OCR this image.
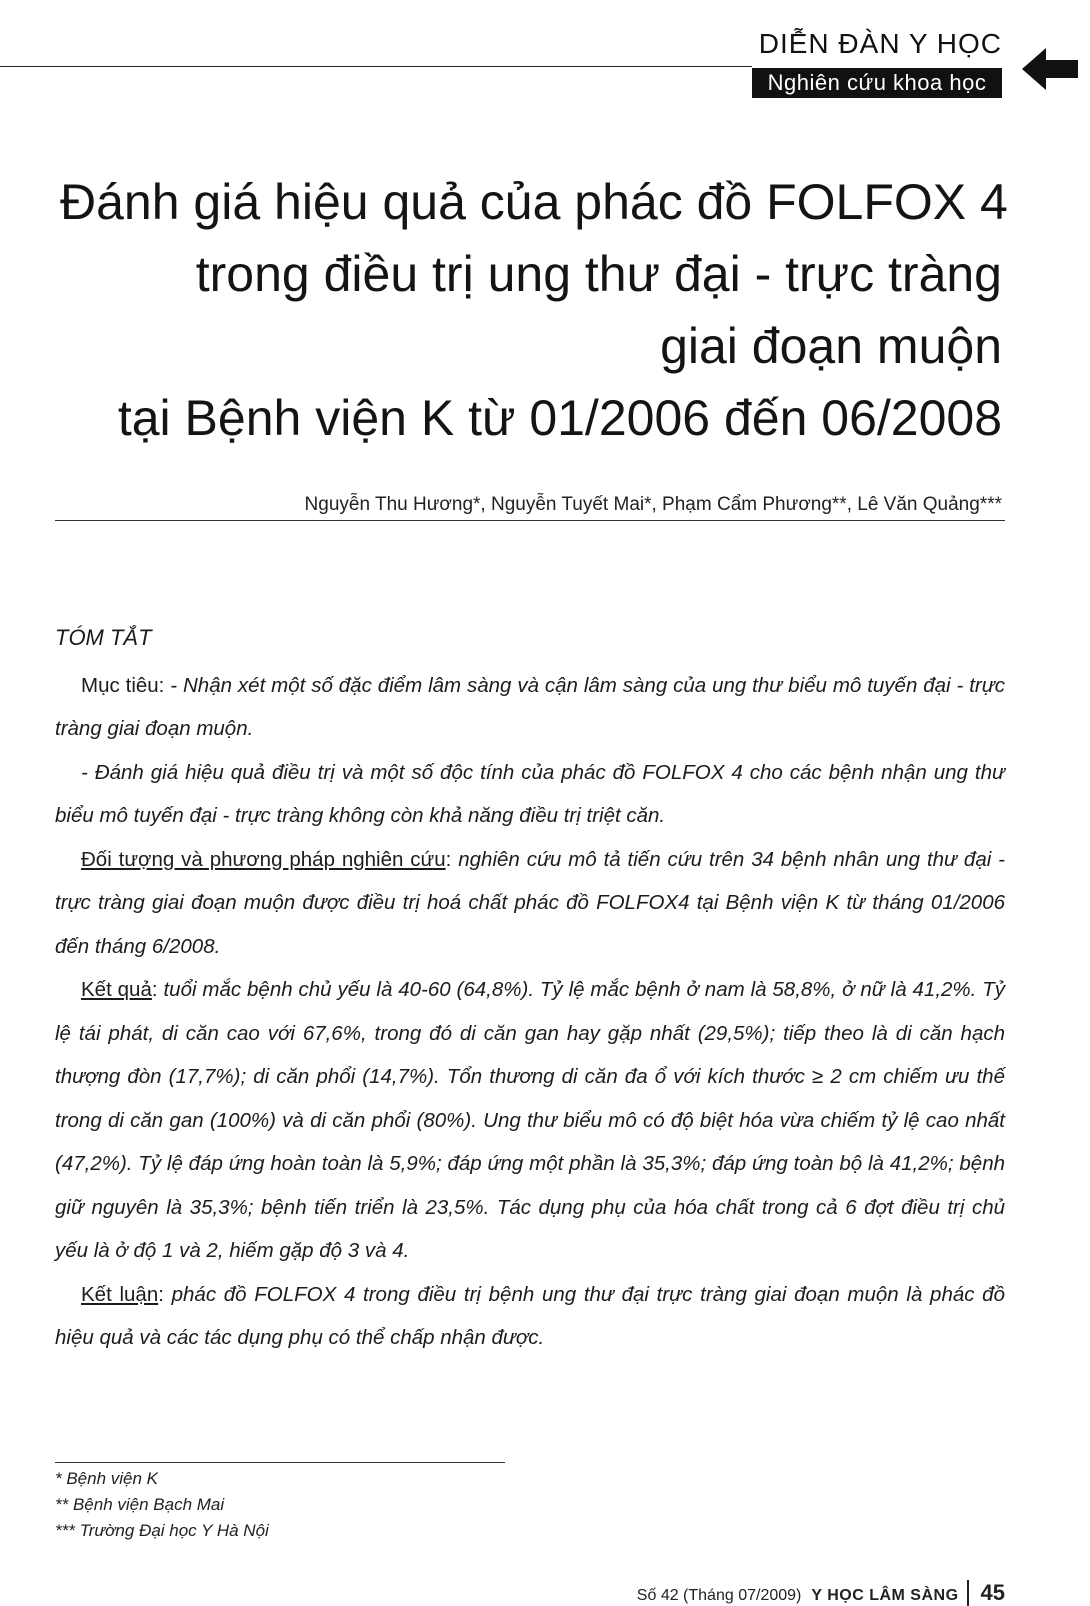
DIỄN ĐÀN Y HỌC
Nghiên cứu khoa học
Đánh giá hiệu quả của phác đồ FOLFOX 4
trong điều trị ung thư đại - trực tràng
giai đoạn muộn
tại Bệnh viện K từ 01/2006 đến 06/2008
Nguyễn Thu Hương*, Nguyễn Tuyết Mai*, Phạm Cẩm Phương**, Lê Văn Quảng***
TÓM TẮT
Mục tiêu: - Nhận xét một số đặc điểm lâm sàng và cận lâm sàng của ung thư biểu mô tuyến đại - trực tràng giai đoạn muộn.
- Đánh giá hiệu quả điều trị và một số độc tính của phác đồ FOLFOX 4 cho các bệnh nhận ung thư biểu mô tuyến đại - trực tràng không còn khả năng điều trị triệt căn.
Đối tượng và phương pháp nghiên cứu: nghiên cứu mô tả tiến cứu trên 34 bệnh nhân ung thư đại - trực tràng giai đoạn muộn được điều trị hoá chất phác đồ FOLFOX4 tại Bệnh viện K từ tháng 01/2006 đến tháng 6/2008.
Kết quả: tuổi mắc bệnh chủ yếu là 40-60 (64,8%). Tỷ lệ mắc bệnh ở nam là 58,8%, ở nữ là 41,2%. Tỷ lệ tái phát, di căn cao với 67,6%, trong đó di căn gan hay gặp nhất (29,5%); tiếp theo là di căn hạch thượng đòn (17,7%); di căn phổi (14,7%). Tổn thương di căn đa ổ với kích thước ≥ 2 cm chiếm ưu thế trong di căn gan (100%) và di căn phổi (80%). Ung thư biểu mô có độ biệt hóa vừa chiếm tỷ lệ cao nhất (47,2%). Tỷ lệ đáp ứng hoàn toàn là 5,9%; đáp ứng một phần là 35,3%; đáp ứng toàn bộ là 41,2%; bệnh giữ nguyên là 35,3%; bệnh tiến triển là 23,5%. Tác dụng phụ của hóa chất trong cả 6 đợt điều trị chủ yếu là ở độ 1 và 2, hiếm gặp độ 3 và 4.
Kết luận: phác đồ FOLFOX 4 trong điều trị bệnh ung thư đại trực tràng giai đoạn muộn là phác đồ hiệu quả và các tác dụng phụ có thể chấp nhận được.
* Bệnh viện K
** Bệnh viện Bạch Mai
*** Trường Đại học Y Hà Nội
Số 42 (Tháng 07/2009) Y HỌC LÂM SÀNG 45
